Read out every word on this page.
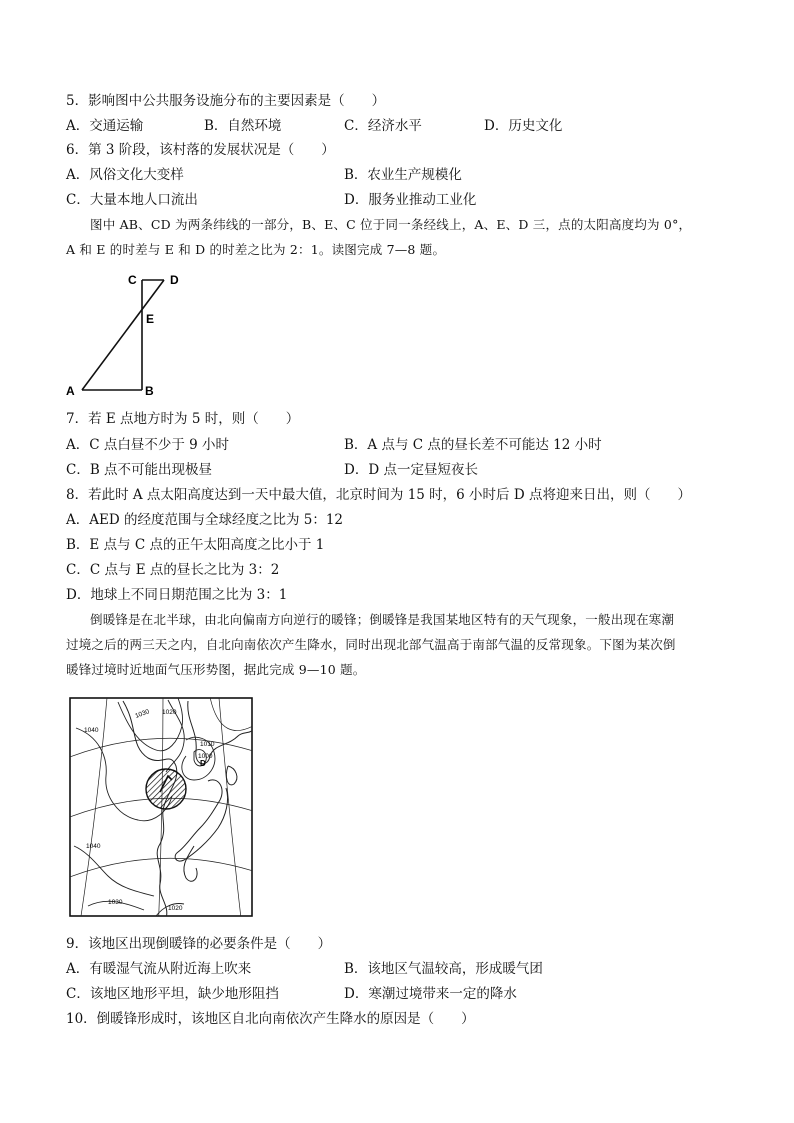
5．影响图中公共服务设施分布的主要因素是（　　）
A．交通运输	B．自然环境	C．经济水平	D．历史文化
6．第 3 阶段，该村落的发展状况是（　　）
A．风俗文化大变样	B．农业生产规模化
C．大量本地人口流出	D．服务业推动工业化
图中 AB、CD 为两条纬线的一部分，B、E、C 位于同一条经线上，A、E、D 三，点的太阳高度均为 0°，
A 和 E 的时差与 E 和 D 的时差之比为 2：1。读图完成 7—8 题。
C	D
E
A	B
7．若 E 点地方时为 5 时，则（　　）
A．C 点白昼不少于 9 小时	B．A 点与 C 点的昼长差不可能达 12 小时
C．B 点不可能出现极昼	D．D 点一定昼短夜长
8．若此时 A 点太阳高度达到一天中最大值，北京时间为 15 时，6 小时后 D 点将迎来日出，则（　　）
A．AED 的经度范围与全球经度之比为 5：12
B．E 点与 C 点的正午太阳高度之比小于 1
C．C 点与 E 点的昼长之比为 3：2
D．地球上不同日期范围之比为 3：1
倒暖锋是在北半球，由北向偏南方向逆行的暖锋；倒暖锋是我国某地区特有的天气现象，一般出现在寒潮
过境之后的两三天之内，自北向南依次产生降水，同时出现北部气温高于南部气温的反常现象。下图为某次倒
暖锋过境时近地面气压形势图，据此完成 9—10 题。
1040
1030 1020
1010
1000
D
1040
1030
1020
9．该地区出现倒暖锋的必要条件是（　　）
A．有暖湿气流从附近海上吹来	B．该地区气温较高，形成暖气团
C．该地区地形平坦，缺少地形阻挡	D．寒潮过境带来一定的降水
10．倒暖锋形成时，该地区自北向南依次产生降水的原因是（　　）
